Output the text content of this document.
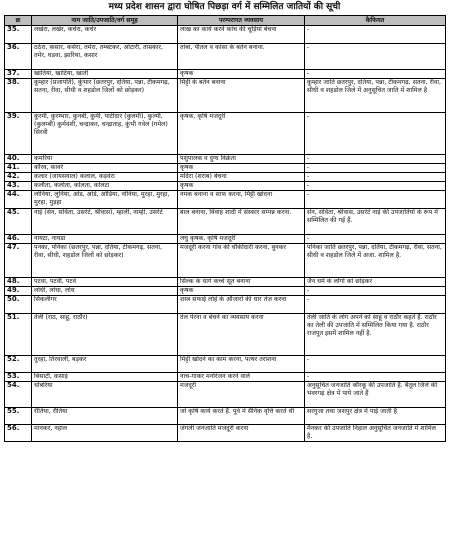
मध्य प्रदेश शासन द्वारा घोषित पिछड़ा वर्ग में सम्मिलित जातियों की सूची
क्र	नाम जाति/उपजाति/वर्ग समूह	परम्परागत व्यवसाय	कैफियत
35.	लखेरा, लखेर, कचेरा, कचेर	लाख का कार्य करने कांच की चूड़ियां बेचना	-
36.	ठठेरा, कसार, कसेरा, तमेरा, तम्बटकर, ओटारी, ताम्रकार, तमेर, घडवा, झारिया, कसार	तांबा, पीतल व कांसा के बर्तन बनाना.	-
37.	खातिया, खाटिया, खाती	कृषक	-
38.	कुम्हार (प्रजापति), कुंभार (छतरपुर, दतिया, पन्ना, टीकमगढ़, सतना, रीवा, सीधी व शहडोल जिलों को छोड़कर)	मिट्टी के बर्तन बनाना	कुम्हार जाति छतरपुर, दतिया, पन्ना, टीकमगढ़, सतना, रीवा, सीधी व शहडोल जिले में अनुसूचित जाति में शामिल है
39.	कुरमी, कुरम्भार, कुनबी, कुर्मी, पाटीदार (कुलमी), कुल्मी, (कुलम्बी) कुर्मवंशी, चन्द्राकर, चन्द्राताह, कुंभी गवेल (गमेल) सिरवी	कृषक, कृषि मजदूरी	-
40.	कमरिया	पशुपालक व दुग्ध विक्रेता	-
41.	कौरव, कावरे	कृषक	-
42.	कलार (जायसवाल) कलाल, कड़वेरा	मदिरा (शराब) बेचना	-
43.	कलौता, कलोता, कोलता, कोलटा	कृषक	-
44.	लोनिया, लुनिया, ओड, ओडे, ओडिया, नोनिया, मुरहा, मुरहा, मुरहा, मुड़हा	नमक बनाना व साफ करना, मिट्टी खोदना	-
45.	नाई (सेन, सविता, उसरेटे, श्रीवास), म्हाली, नाम्ही, उसरेटे	बाल बनाना, विवाह शादी में संस्कार सम्पन्न करना.	सेन, सविता, श्रीवास, उसरेटे नाई की उपजातियों के रूप में सम्मिलित की गई हैं.
46.	नायटा, नायडा	लघु कृषक, कृषि मजदूरी	-
47.	पनका, पनिका (छतरपुर, पन्ना, दतिया, टीकमगढ़, सतना, रीवा, सीधी, शहडोल जिलों को छोड़कर)	मजदूरी करना गांव की चौकीदारी करना, बुनकर	पनिका जाति छतरपुर, पन्ना, दतिया, टीकमगढ़, रीवा, सतना, सीधी व शहडोल जिले में अजा. शामिल है.
48.	पटवा, पटवी, पटवे	सिल्क के धागे कच्चे सूत बनाना	जैन धर्म के लोगों को छोड़कर
49.	लोधी, लोधा, लोध	कृषक	-
50.	सिकलीगर	शस्त्र सफाई लोहे के औजारों की धार तेज करना	-
51.	तेली (राठ, साहू, राठौर)	तेल पेरना व बेचने का व्यवसाय करना	तेली जाति के लोग अपने को साहू व राठौर कहते हैं. राठौर का तेली की उपजाति में सम्मिलित किया गया है. राठौर राजपूत इसमें शामिल नहीं है.
52.	तुरहा, तिरवाली, बड़कर	मिट्टी खोदने का काम करना, पत्थर तराशना	-
53.	बिसाटी, कसाई	नाच-गाकर मनोरंजन करने वाले	-
54.	धोबरिया	मजदूरी	अनुसूचित जनजाति कौरकू की उपजाति है. बैतूल जिले की भंवरगढ़ क्षेत्र में पाये जाते हैं
55.	रौतिया, रौतिया	जो कृषि कार्य करते हैं. पूर्व में सैनिक वृत्ति करते थीं	सरगुजा तथा जशपुर क्षेत्र में पाई जाती है
56.	मानकर, नहाल	जंगली जनजाति मजदूरी करना	मैनकर की उपजाति निहाल अनुसूचित जनजाति में शामिल है.
